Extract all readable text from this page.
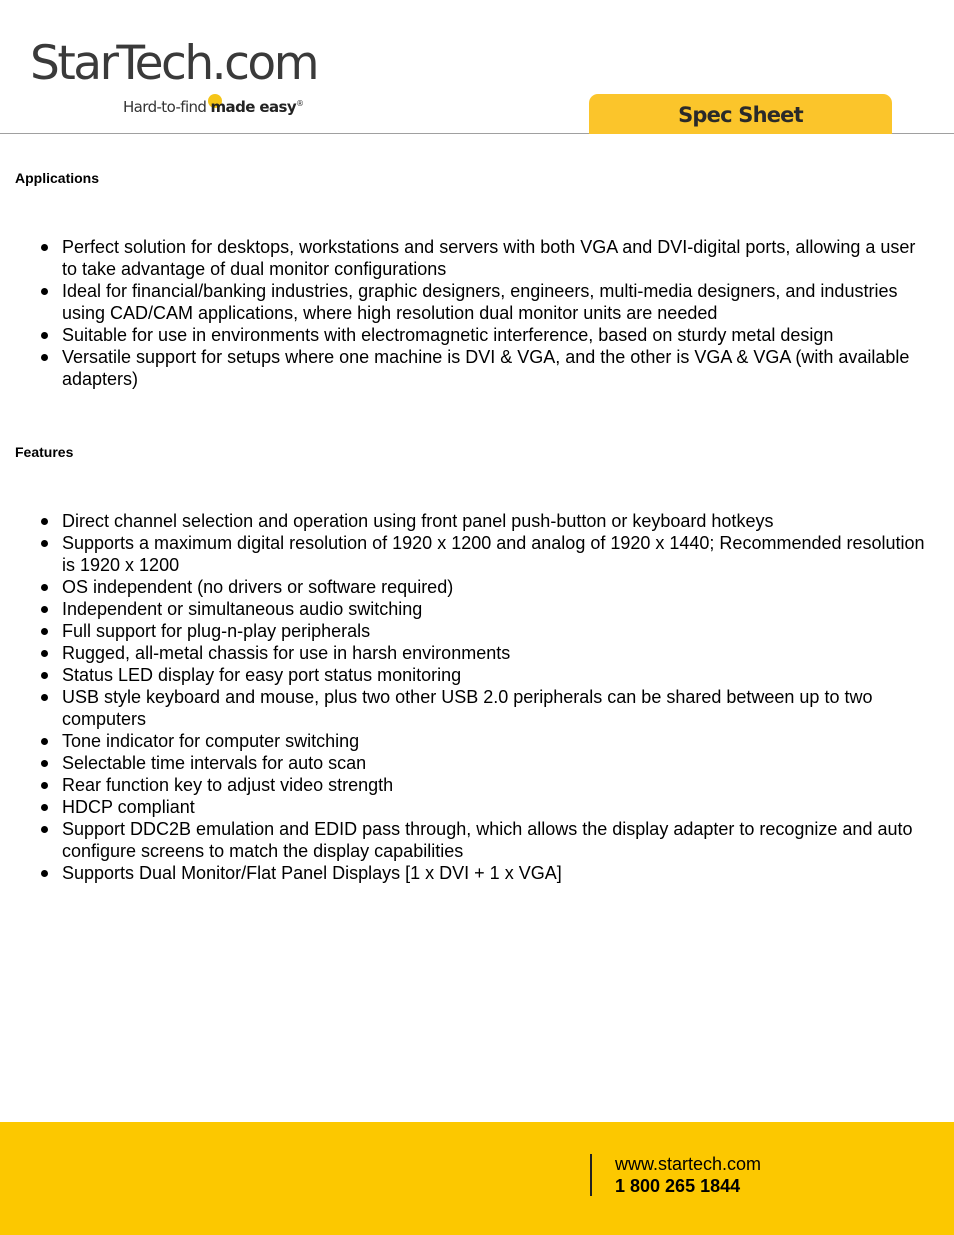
StarTech.com
Hard-to-find made easy®	Spec Sheet
Applications
Perfect solution for desktops, workstations and servers with both VGA and DVI-digital ports, allowing a user to take advantage of dual monitor configurations
Ideal for financial/banking industries, graphic designers, engineers, multi-media designers, and industries using CAD/CAM applications, where high resolution dual monitor units are needed
Suitable for use in environments with electromagnetic interference, based on sturdy metal design
Versatile support for setups where one machine is DVI & VGA, and the other is VGA & VGA (with available adapters)
Features
Direct channel selection and operation using front panel push-button or keyboard hotkeys
Supports a maximum digital resolution of 1920 x 1200 and analog of 1920 x 1440; Recommended resolution is 1920 x 1200
OS independent (no drivers or software required)
Independent or simultaneous audio switching
Full support for plug-n-play peripherals
Rugged, all-metal chassis for use in harsh environments
Status LED display for easy port status monitoring
USB style keyboard and mouse, plus two other USB 2.0 peripherals can be shared between up to two computers
Tone indicator for computer switching
Selectable time intervals for auto scan
Rear function key to adjust video strength
HDCP compliant
Support DDC2B emulation and EDID pass through, which allows the display adapter to recognize and auto configure screens to match the display capabilities
Supports Dual Monitor/Flat Panel Displays [1 x DVI + 1 x VGA]
www.startech.com
1 800 265 1844
